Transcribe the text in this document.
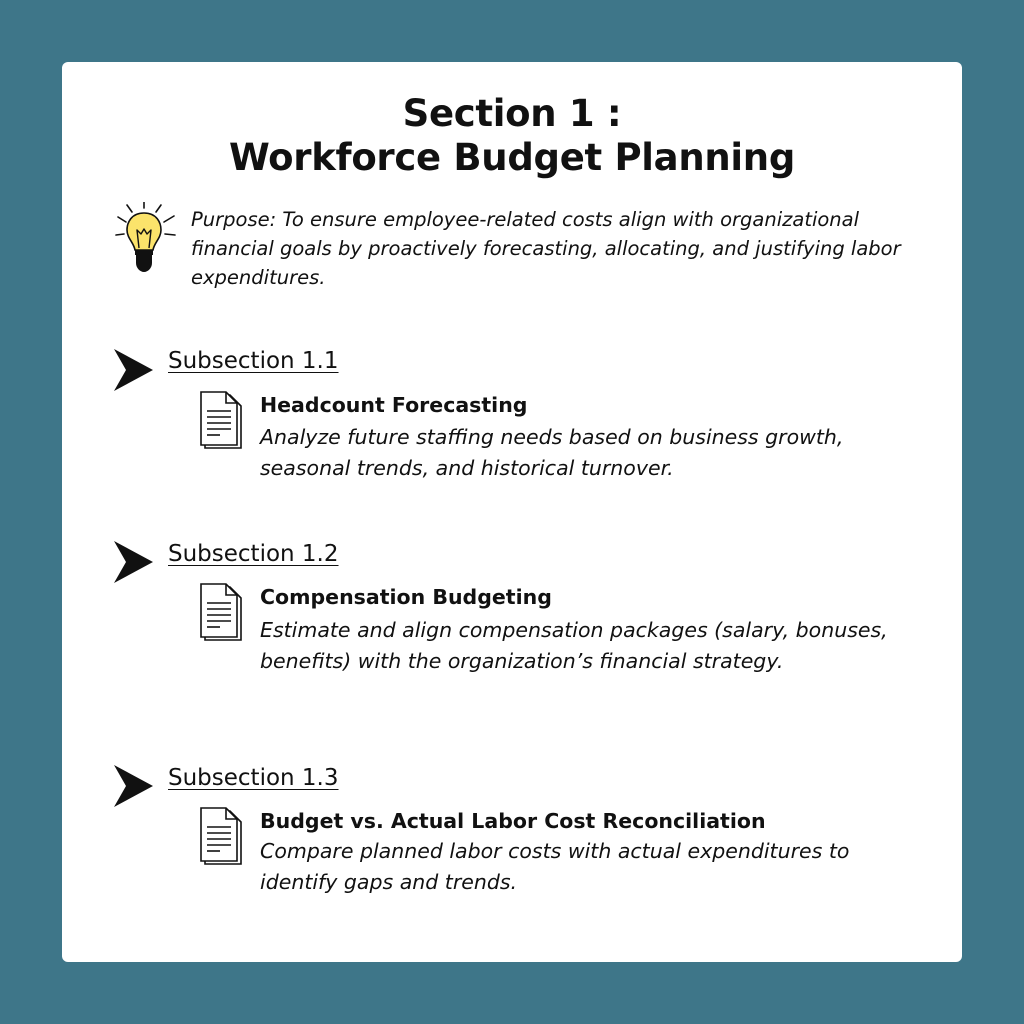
Section 1 :
Workforce Budget Planning

Purpose: To ensure employee-related costs align with organizational financial goals by proactively forecasting, allocating, and justifying labor expenditures.

Subsection 1.1

Headcount Forecasting

Analyze future staffing needs based on business growth, seasonal trends, and historical turnover.

Subsection 1.2

Compensation Budgeting

Estimate and align compensation packages (salary, bonuses, benefits) with the organization’s financial strategy.

Subsection 1.3

Budget vs. Actual Labor Cost Reconciliation

Compare planned labor costs with actual expenditures to identify gaps and trends.
